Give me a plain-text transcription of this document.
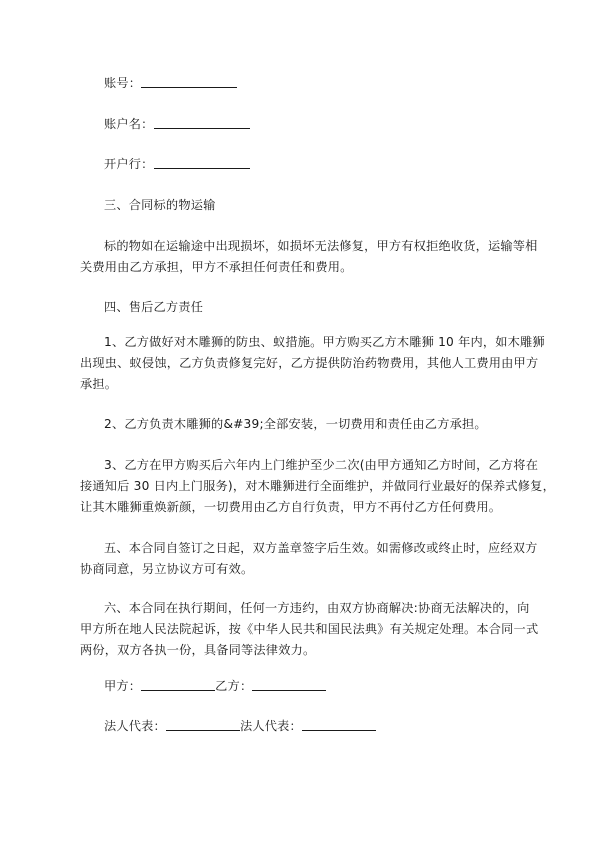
账号：
账户名：
开户行：
三、合同标的物运输
标的物如在运输途中出现损坏，如损坏无法修复，甲方有权拒绝收货，运输等相
关费用由乙方承担，甲方不承担任何责任和费用。
四、售后乙方责任
1、乙方做好对木雕狮的防虫、蚁措施。甲方购买乙方木雕狮 10 年内，如木雕狮
出现虫、蚁侵蚀，乙方负责修复完好，乙方提供防治药物费用，其他人工费用由甲方
承担。
2、乙方负责木雕狮的&#39;全部安装，一切费用和责任由乙方承担。
3、乙方在甲方购买后六年内上门维护至少二次(由甲方通知乙方时间，乙方将在
接通知后 30 日内上门服务)，对木雕狮进行全面维护，并做同行业最好的保养式修复，
让其木雕狮重焕新颜，一切费用由乙方自行负责，甲方不再付乙方任何费用。
五、本合同自签订之日起，双方盖章签字后生效。如需修改或终止时，应经双方
协商同意，另立协议方可有效。
六、本合同在执行期间，任何一方违约，由双方协商解决:协商无法解决的，向
甲方所在地人民法院起诉，按《中华人民共和国民法典》有关规定处理。本合同一式
两份，双方各执一份，具备同等法律效力。
甲方：	乙方：
法人代表：	法人代表：
